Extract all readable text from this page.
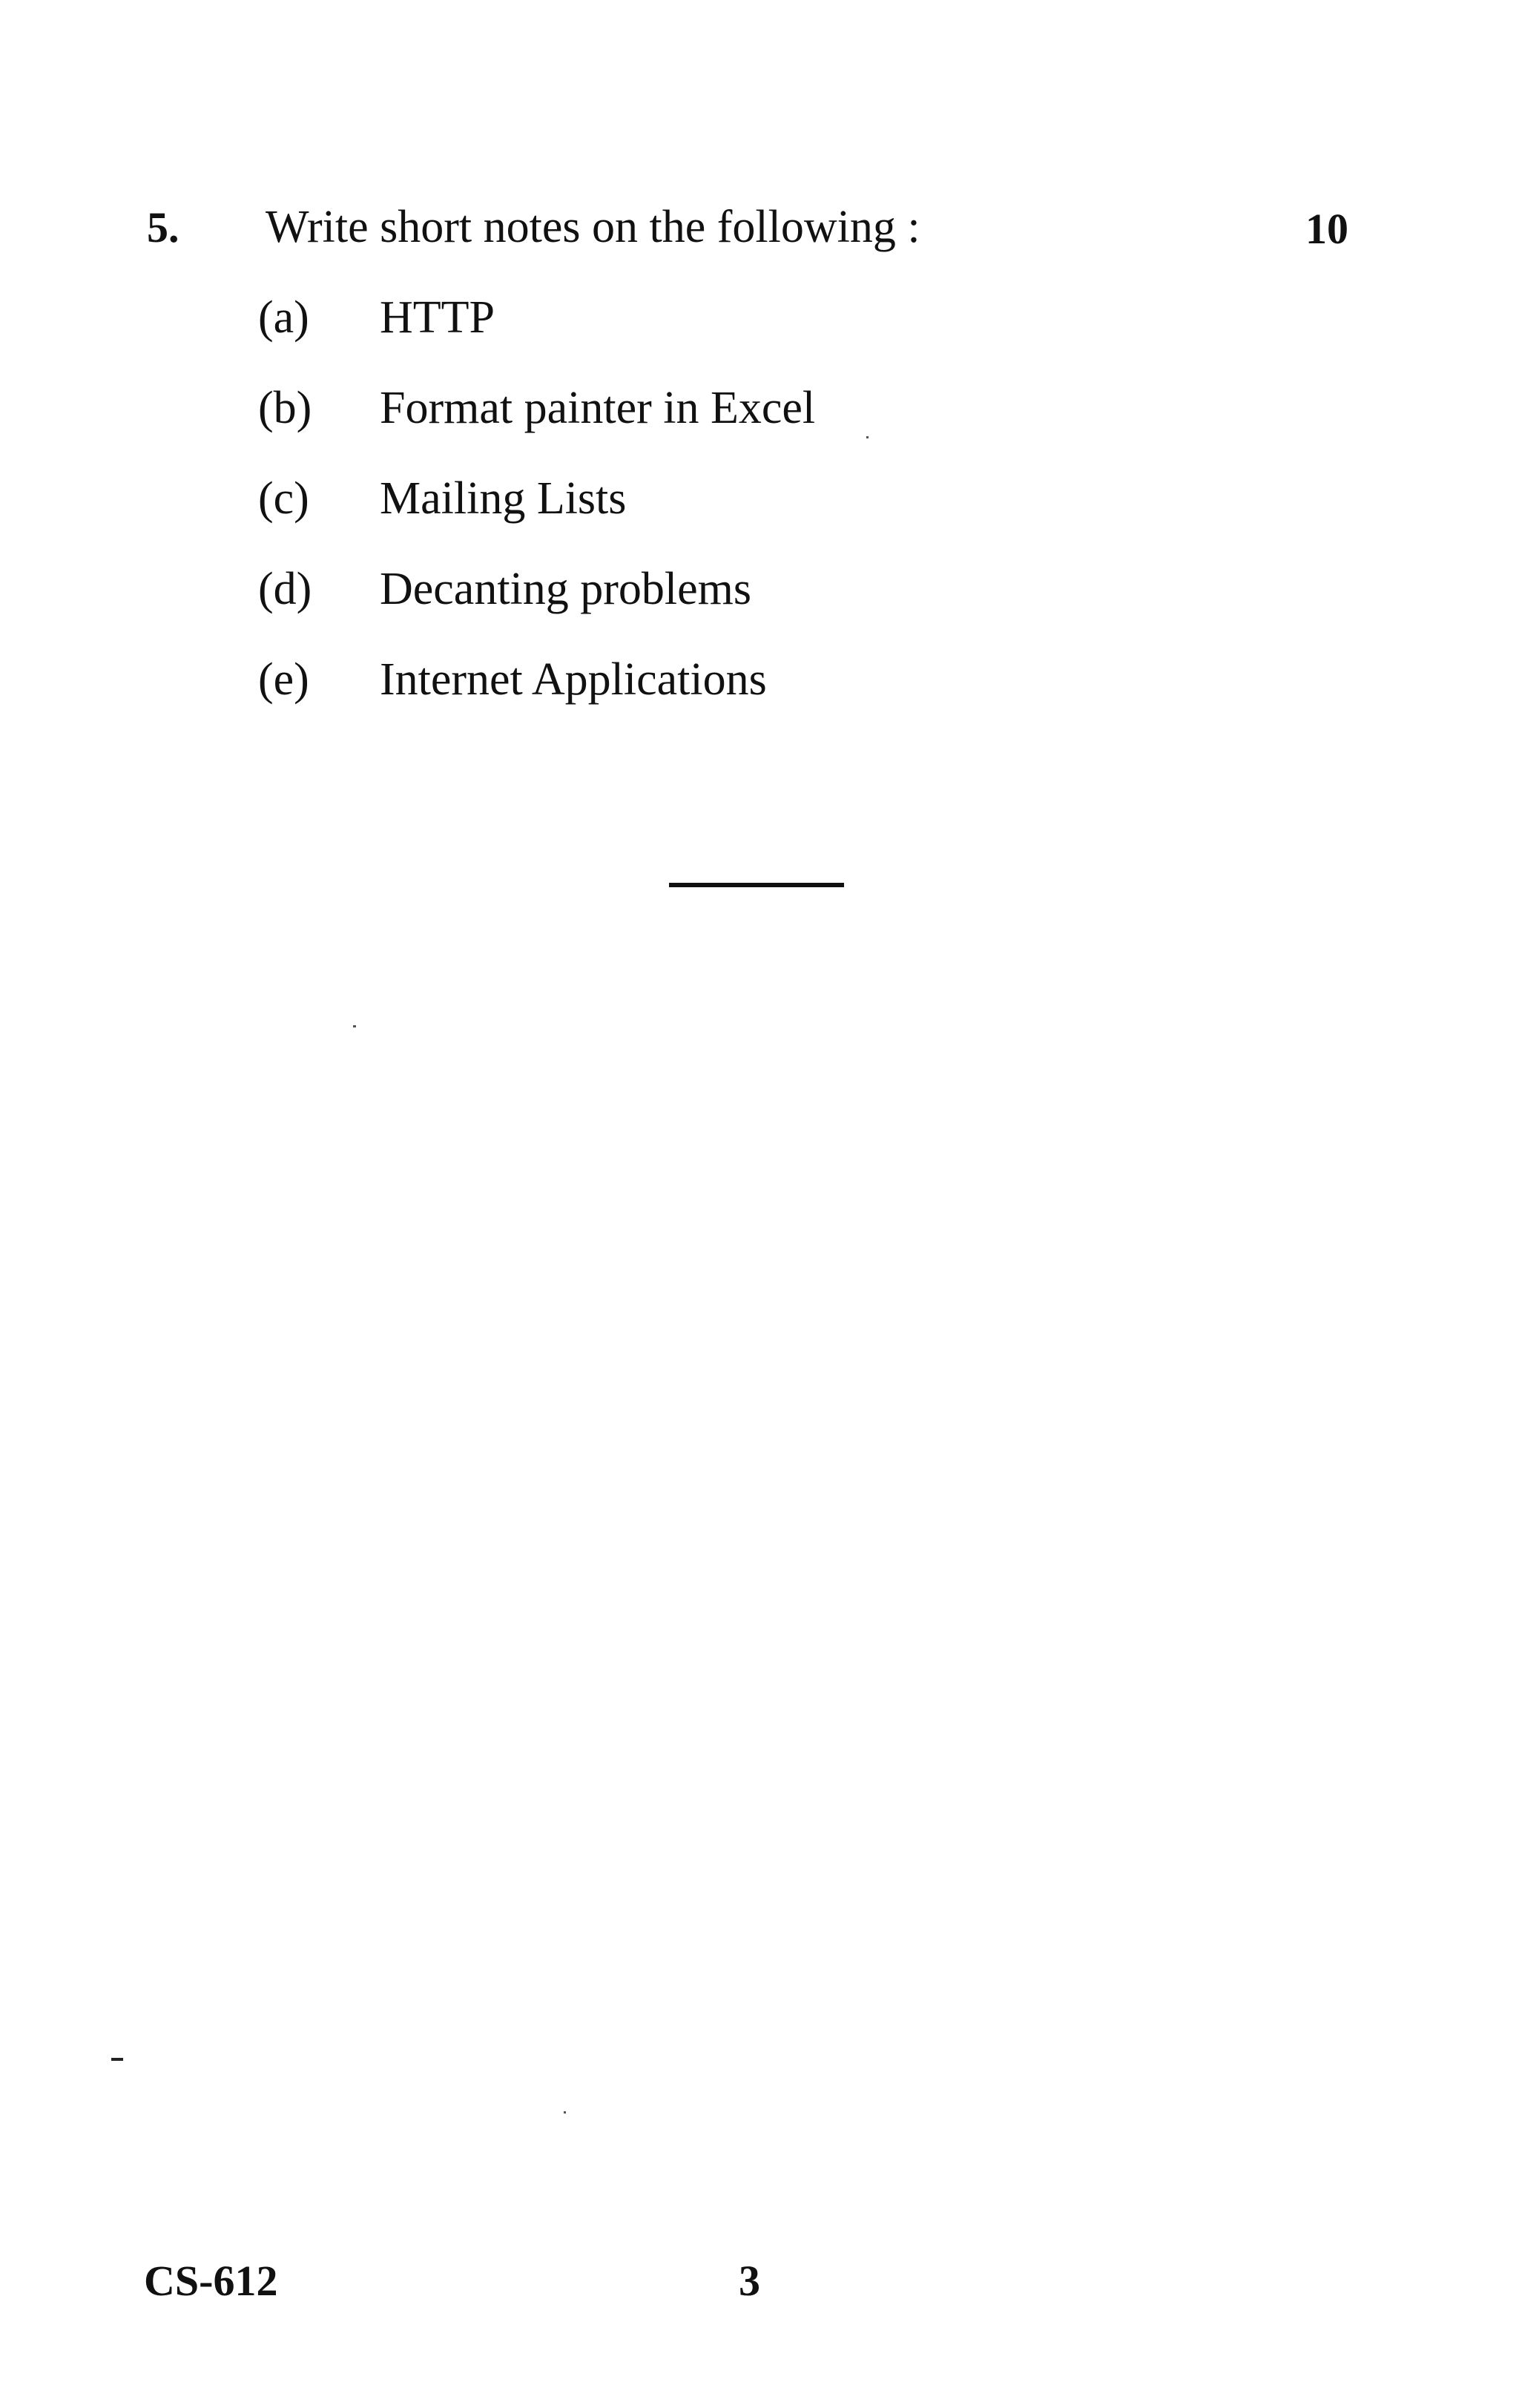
5. Write short notes on the following :	10
(a) HTTP
(b) Format painter in Excel
(c) Mailing Lists
(d) Decanting problems
(e) Internet Applications
CS-612	3
